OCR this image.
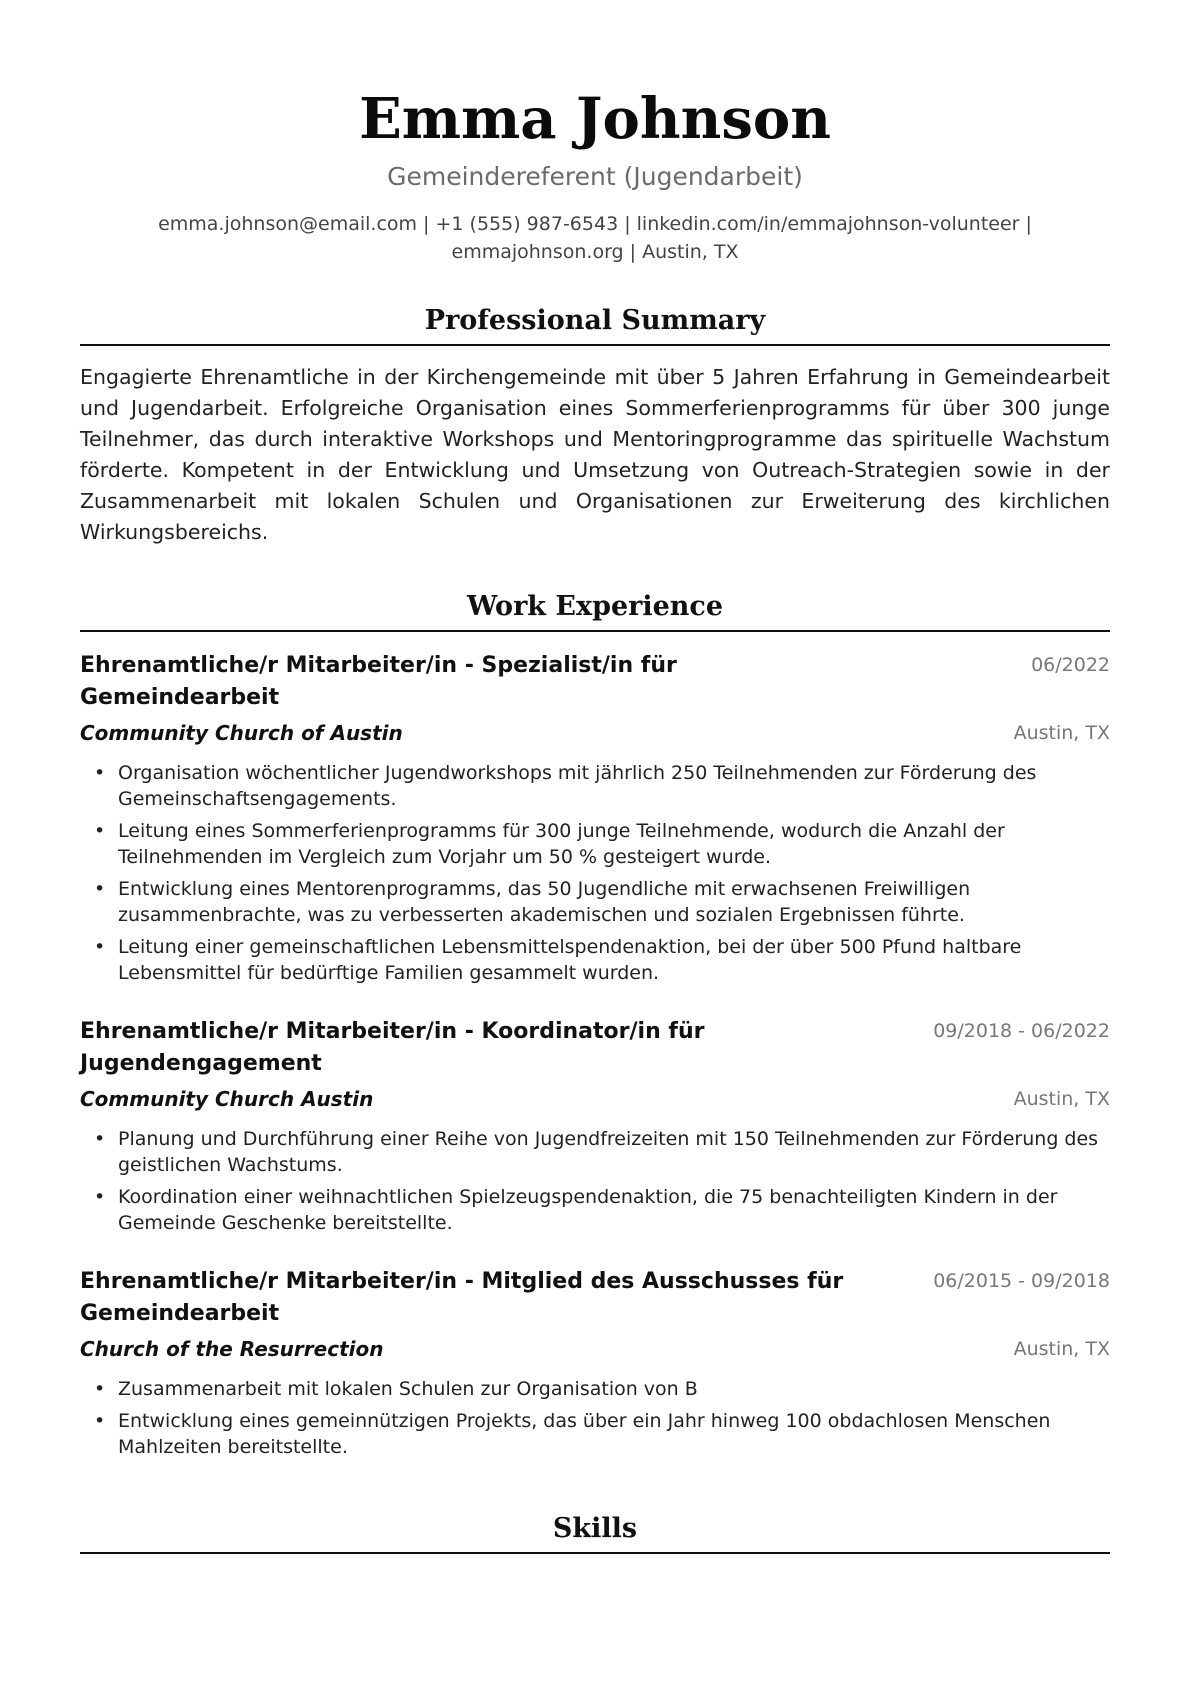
Emma Johnson
Gemeindereferent (Jugendarbeit)
emma.johnson@email.com | +1 (555) 987-6543 | linkedin.com/in/emmajohnson-volunteer | emmajohnson.org | Austin, TX
Professional Summary

Engagierte Ehrenamtliche in der Kirchengemeinde mit über 5 Jahren Erfahrung in Gemeindearbeit und Jugendarbeit. Erfolgreiche Organisation eines Sommerferienprogramms für über 300 junge Teilnehmer, das durch interaktive Workshops und Mentoringprogramme das spirituelle Wachstum förderte. Kompetent in der Entwicklung und Umsetzung von Outreach-Strategien sowie in der Zusammenarbeit mit lokalen Schulen und Organisationen zur Erweiterung des kirchlichen Wirkungsbereichs.

Work Experience
Ehrenamtliche/r Mitarbeiter/in - Spezialist/in für Gemeindearbeit
06/2022
Community Church of Austin	Austin, TX
• Organisation wöchentlicher Jugendworkshops mit jährlich 250 Teilnehmenden zur Förderung des Gemeinschaftsengagements.
• Leitung eines Sommerferienprogramms für 300 junge Teilnehmende, wodurch die Anzahl der Teilnehmenden im Vergleich zum Vorjahr um 50 % gesteigert wurde.
• Entwicklung eines Mentorenprogramms, das 50 Jugendliche mit erwachsenen Freiwilligen zusammenbrachte, was zu verbesserten akademischen und sozialen Ergebnissen führte.
• Leitung einer gemeinschaftlichen Lebensmittelspendenaktion, bei der über 500 Pfund haltbare Lebensmittel für bedürftige Familien gesammelt wurden.
Ehrenamtliche/r Mitarbeiter/in - Koordinator/in für Jugendengagement
09/2018 - 06/2022
Community Church Austin	Austin, TX
• Planung und Durchführung einer Reihe von Jugendfreizeiten mit 150 Teilnehmenden zur Förderung des geistlichen Wachstums.
• Koordination einer weihnachtlichen Spielzeugspendenaktion, die 75 benachteiligten Kindern in der Gemeinde Geschenke bereitstellte.
Ehrenamtliche/r Mitarbeiter/in - Mitglied des Ausschusses für Gemeindearbeit
06/2015 - 09/2018
Church of the Resurrection	Austin, TX
• Zusammenarbeit mit lokalen Schulen zur Organisation von B
• Entwicklung eines gemeinnützigen Projekts, das über ein Jahr hinweg 100 obdachlosen Menschen Mahlzeiten bereitstellte.
Skills
